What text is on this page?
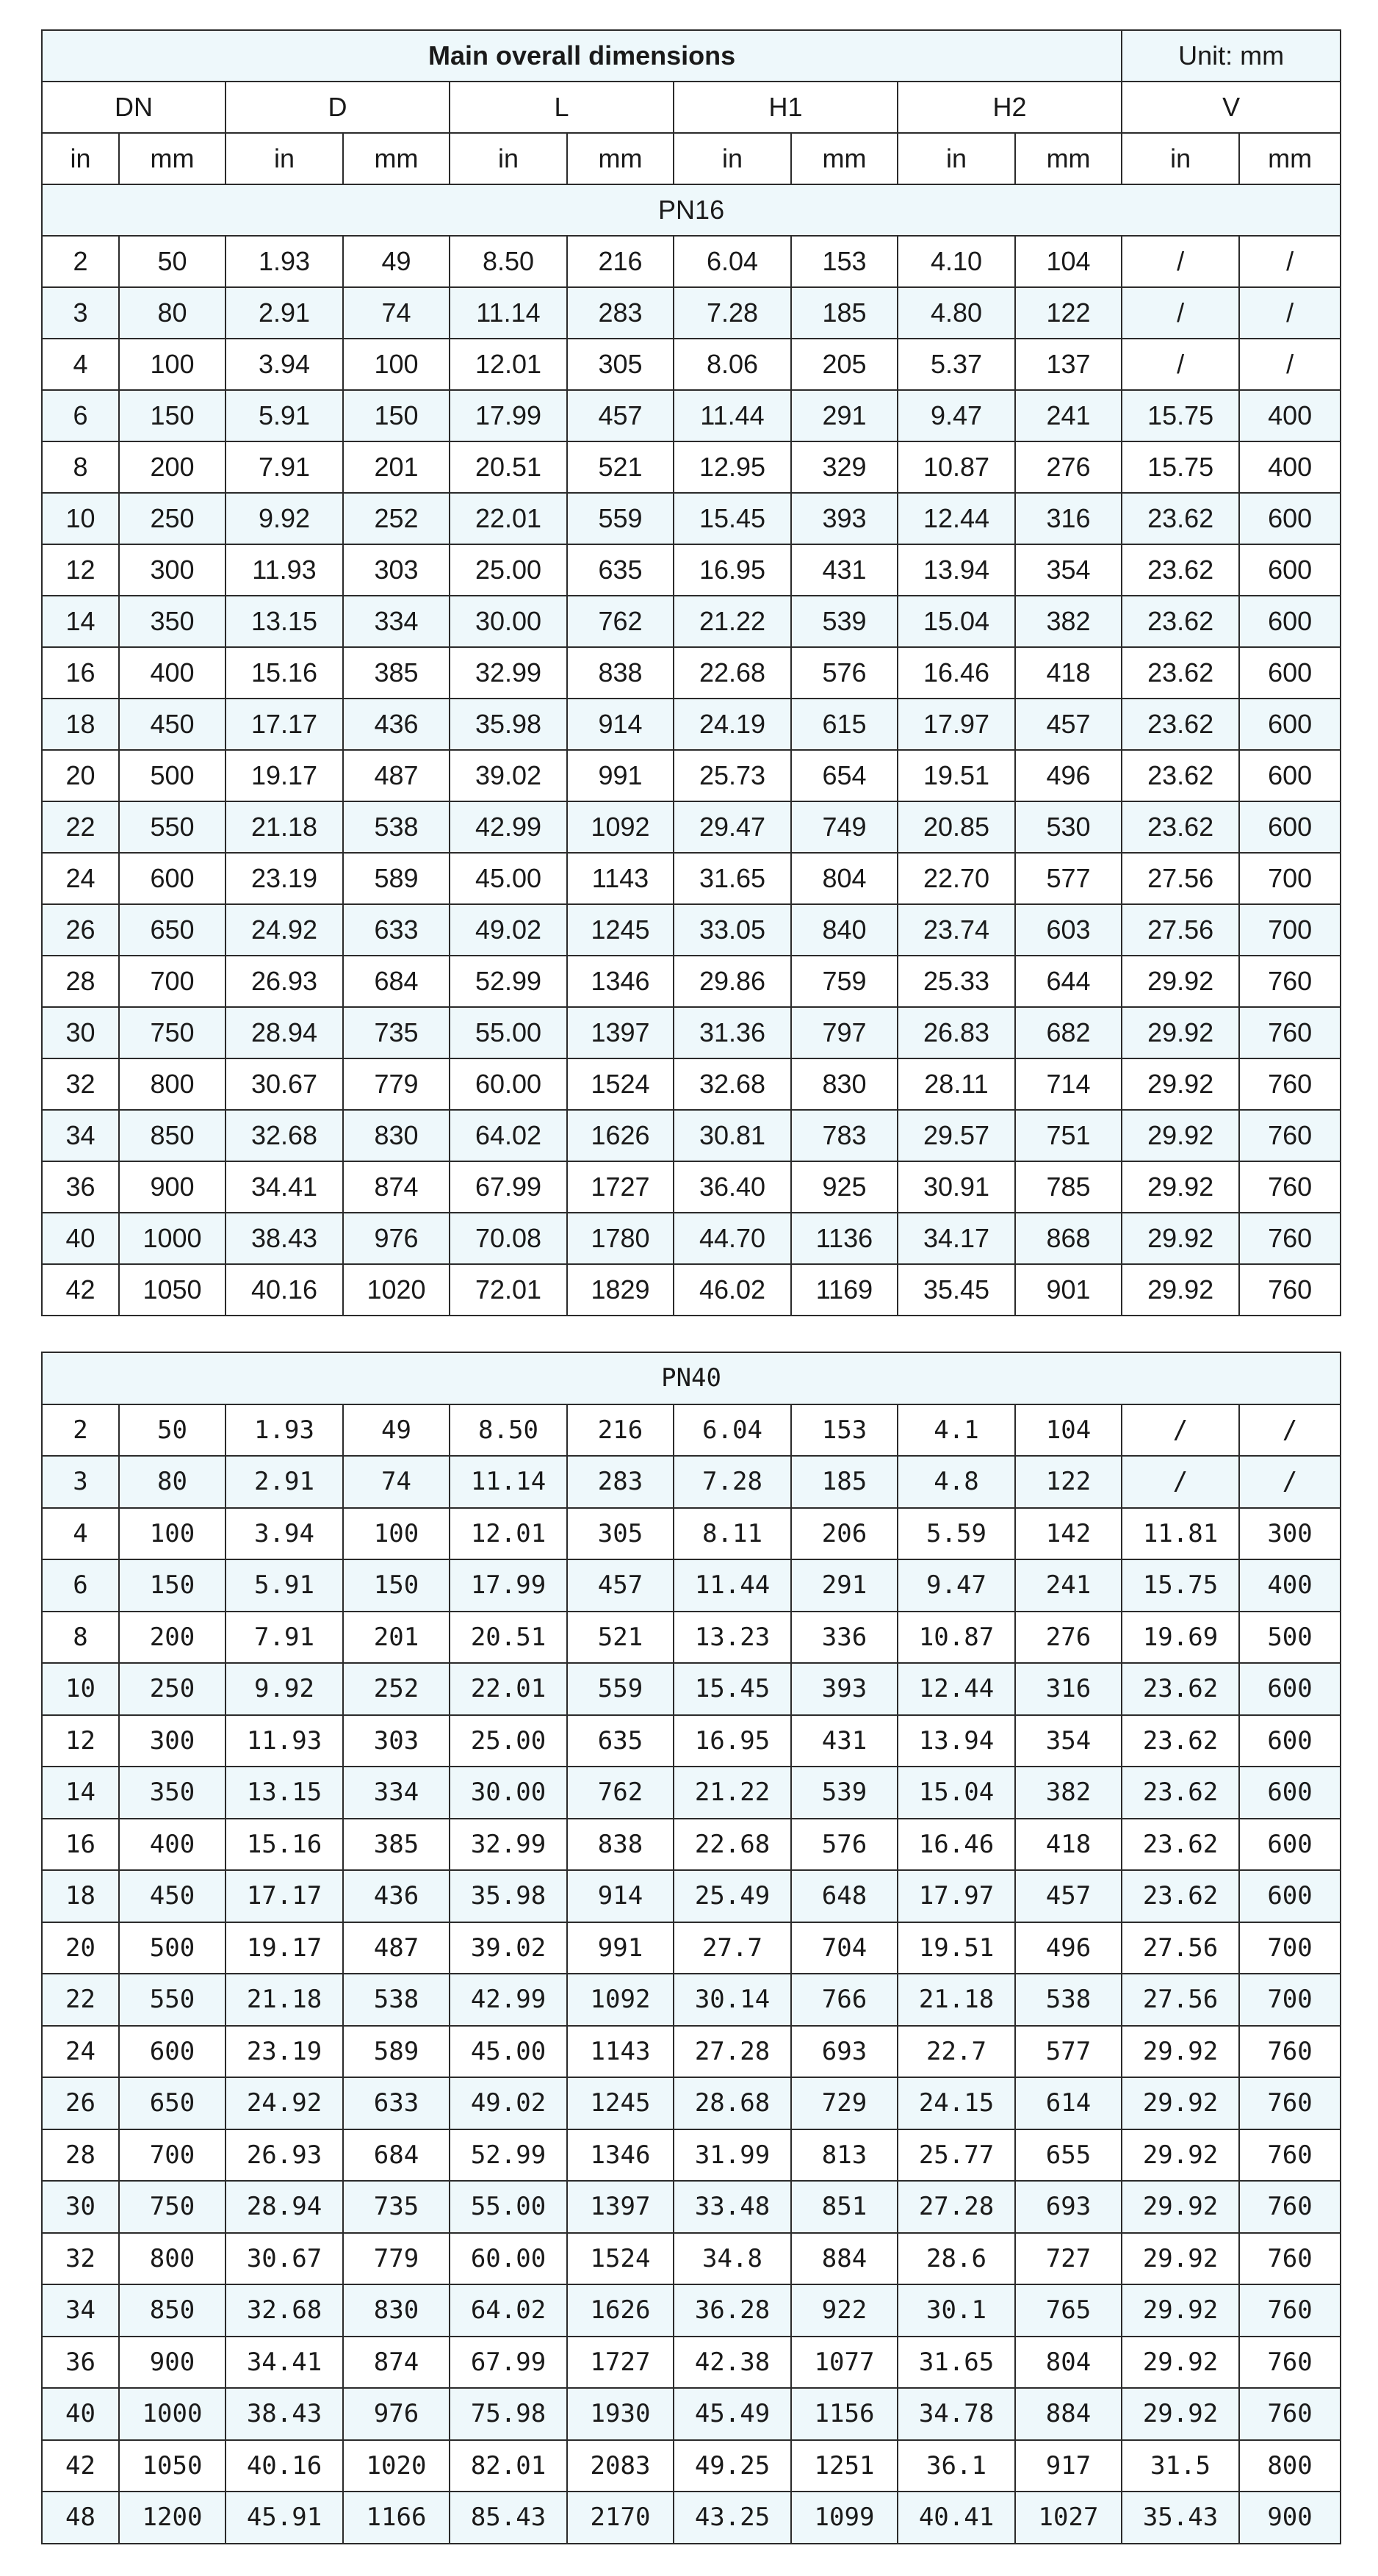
Main overall dimensions										Unit: mm	
DN		D		L		H1		H2		V	
in	mm	in	mm	in	mm	in	mm	in	mm	in	mm
PN16											
2	50	1.93	49	8.50	216	6.04	153	4.10	104	/	/
3	80	2.91	74	11.14	283	7.28	185	4.80	122	/	/
4	100	3.94	100	12.01	305	8.06	205	5.37	137	/	/
6	150	5.91	150	17.99	457	11.44	291	9.47	241	15.75	400
8	200	7.91	201	20.51	521	12.95	329	10.87	276	15.75	400
10	250	9.92	252	22.01	559	15.45	393	12.44	316	23.62	600
12	300	11.93	303	25.00	635	16.95	431	13.94	354	23.62	600
14	350	13.15	334	30.00	762	21.22	539	15.04	382	23.62	600
16	400	15.16	385	32.99	838	22.68	576	16.46	418	23.62	600
18	450	17.17	436	35.98	914	24.19	615	17.97	457	23.62	600
20	500	19.17	487	39.02	991	25.73	654	19.51	496	23.62	600
22	550	21.18	538	42.99	1092	29.47	749	20.85	530	23.62	600
24	600	23.19	589	45.00	1143	31.65	804	22.70	577	27.56	700
26	650	24.92	633	49.02	1245	33.05	840	23.74	603	27.56	700
28	700	26.93	684	52.99	1346	29.86	759	25.33	644	29.92	760
30	750	28.94	735	55.00	1397	31.36	797	26.83	682	29.92	760
32	800	30.67	779	60.00	1524	32.68	830	28.11	714	29.92	760
34	850	32.68	830	64.02	1626	30.81	783	29.57	751	29.92	760
36	900	34.41	874	67.99	1727	36.40	925	30.91	785	29.92	760
40	1000	38.43	976	70.08	1780	44.70	1136	34.17	868	29.92	760
42	1050	40.16	1020	72.01	1829	46.02	1169	35.45	901	29.92	760
PN40											
2	50	1.93	49	8.50	216	6.04	153	4.1	104	/	/
3	80	2.91	74	11.14	283	7.28	185	4.8	122	/	/
4	100	3.94	100	12.01	305	8.11	206	5.59	142	11.81	300
6	150	5.91	150	17.99	457	11.44	291	9.47	241	15.75	400
8	200	7.91	201	20.51	521	13.23	336	10.87	276	19.69	500
10	250	9.92	252	22.01	559	15.45	393	12.44	316	23.62	600
12	300	11.93	303	25.00	635	16.95	431	13.94	354	23.62	600
14	350	13.15	334	30.00	762	21.22	539	15.04	382	23.62	600
16	400	15.16	385	32.99	838	22.68	576	16.46	418	23.62	600
18	450	17.17	436	35.98	914	25.49	648	17.97	457	23.62	600
20	500	19.17	487	39.02	991	27.7	704	19.51	496	27.56	700
22	550	21.18	538	42.99	1092	30.14	766	21.18	538	27.56	700
24	600	23.19	589	45.00	1143	27.28	693	22.7	577	29.92	760
26	650	24.92	633	49.02	1245	28.68	729	24.15	614	29.92	760
28	700	26.93	684	52.99	1346	31.99	813	25.77	655	29.92	760
30	750	28.94	735	55.00	1397	33.48	851	27.28	693	29.92	760
32	800	30.67	779	60.00	1524	34.8	884	28.6	727	29.92	760
34	850	32.68	830	64.02	1626	36.28	922	30.1	765	29.92	760
36	900	34.41	874	67.99	1727	42.38	1077	31.65	804	29.92	760
40	1000	38.43	976	75.98	1930	45.49	1156	34.78	884	29.92	760
42	1050	40.16	1020	82.01	2083	49.25	1251	36.1	917	31.5	800
48	1200	45.91	1166	85.43	2170	43.25	1099	40.41	1027	35.43	900
